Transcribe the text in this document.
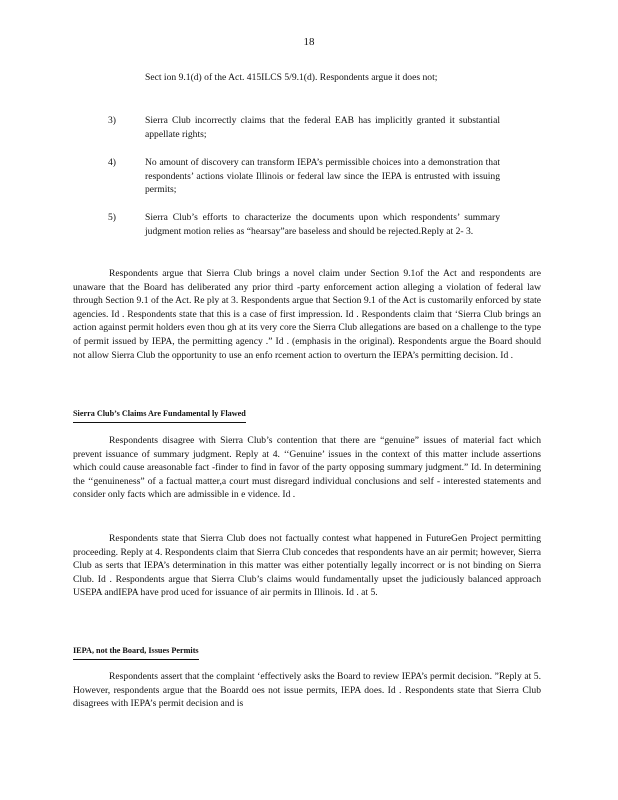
18
Sect ion 9.1(d) of the Act. 415ILCS 5/9.1(d). Respondents argue it does not;
3)	Sierra Club incorrectly claims that the federal EAB has implicitly granted it substantial appellate rights;
4)	No amount of discovery can transform IEPA’s permissible choices into a demonstration that respondents’ actions violate Illinois or federal law since the IEPA is entrusted with issuing permits;
5)	Sierra Club’s efforts to characterize the documents upon which respondents’ summary judgment motion relies as “hearsay”are baseless and should be rejected.Reply at 2- 3.
Respondents argue that Sierra Club brings a novel claim under Section 9.1of the Act and respondents are unaware that the Board has deliberated any prior third -party enforcement action alleging a violation of federal law through Section 9.1 of the Act. Re ply at 3. Respondents argue that Section 9.1 of the Act is customarily enforced by state agencies. Id . Respondents state that this is a case of first impression. Id . Respondents claim that ‘Sierra Club brings an action against permit holders even thou gh at its very core the Sierra Club allegations are based on a challenge to the type of permit issued by IEPA, the permitting agency .” Id . (emphasis in the original). Respondents argue the Board should not allow Sierra Club the opportunity to use an enfo rcement action to overturn the IEPA’s permitting decision. Id .
Sierra Club’s Claims Are Fundamental ly Flawed
Respondents disagree with Sierra Club’s contention that there are “genuine” issues of material fact which prevent issuance of summary judgment. Reply at 4. ‘‘Genuine’ issues in the context of this matter include assertions which could cause areasonable fact -finder to find in favor of the party opposing summary judgment.” Id. In determining the ‘‘genuineness” of a factual matter,a court must disregard individual conclusions and self - interested statements and consider only facts which are admissible in e vidence. Id .
Respondents state that Sierra Club does not factually contest what happened in FutureGen Project permitting proceeding. Reply at 4. Respondents claim that Sierra Club concedes that respondents have an air permit; however, Sierra Club as serts that IEPA’s determination in this matter was either potentially legally incorrect or is not binding on Sierra Club. Id . Respondents argue that Sierra Club’s claims would fundamentally upset the judiciously balanced approach USEPA andIEPA have prod uced for issuance of air permits in Illinois. Id . at 5.
IEPA, not the Board, Issues Permits
Respondents assert that the complaint ‘effectively asks the Board to review IEPA’s permit decision. ”Reply at 5. However, respondents argue that the Boardd oes not issue permits, IEPA does. Id . Respondents state that Sierra Club disagrees with IEPA’s permit decision and is
